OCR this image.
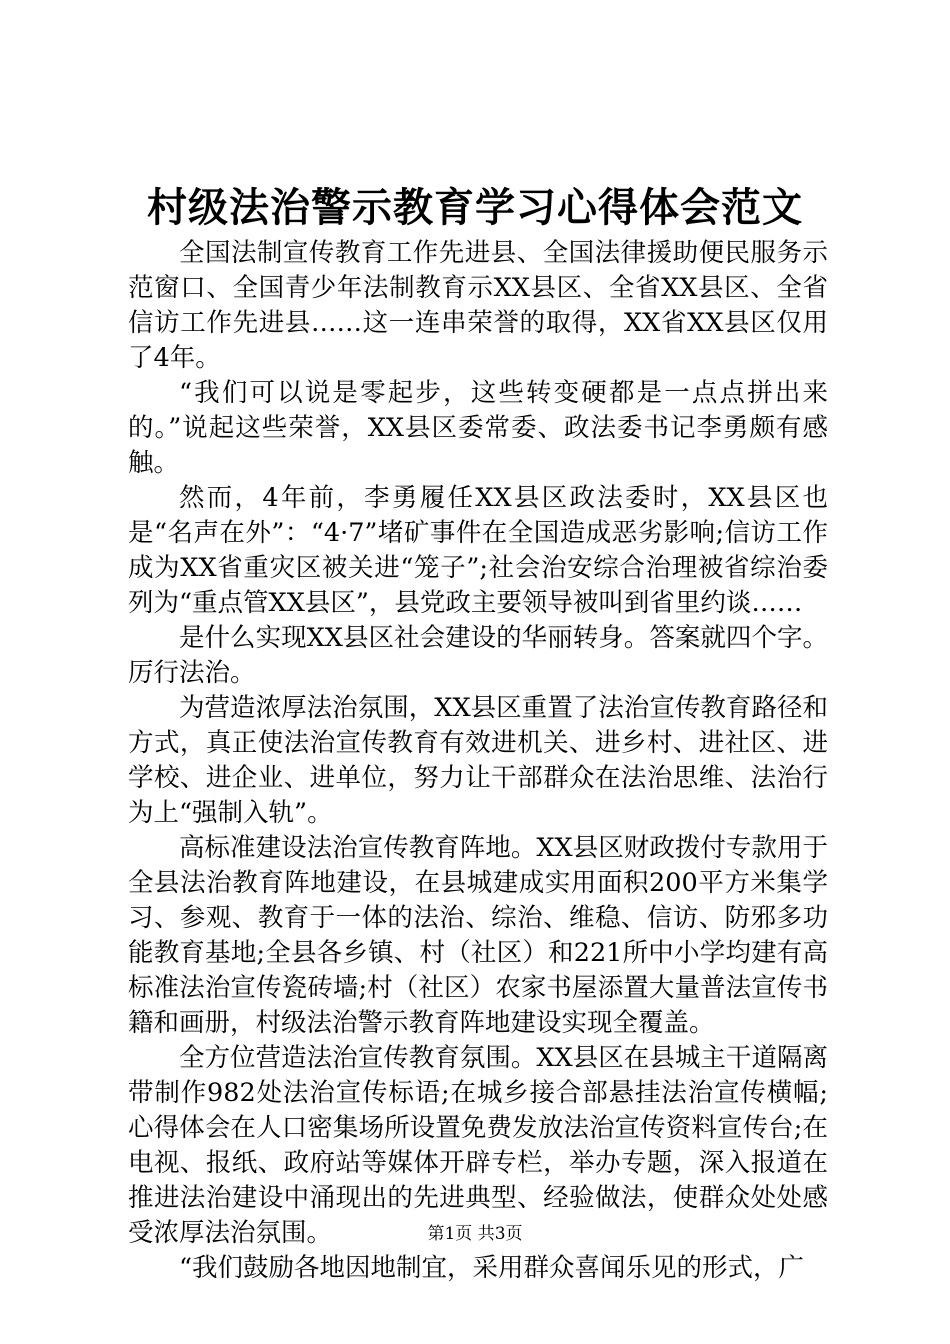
村级法治警示教育学习心得体会范文

全国法制宣传教育工作先进县、全国法律援助便民服务示范窗口、全国青少年法制教育示XX县区、全省XX县区、全省信访工作先进县……这一连串荣誉的取得，XX省XX县区仅用了4年。

“我们可以说是零起步，这些转变硬都是一点点拼出来的。”说起这些荣誉，XX县区委常委、政法委书记李勇颇有感触。

然而，4年前，李勇履任XX县区政法委时，XX县区也是“名声在外”：“4·7”堵矿事件在全国造成恶劣影响;信访工作成为XX省重灾区被关进“笼子”;社会治安综合治理被省综治委列为“重点管XX县区”，县党政主要领导被叫到省里约谈……

是什么实现XX县区社会建设的华丽转身。答案就四个字。厉行法治。

为营造浓厚法治氛围，XX县区重置了法治宣传教育路径和方式，真正使法治宣传教育有效进机关、进乡村、进社区、进学校、进企业、进单位，努力让干部群众在法治思维、法治行为上“强制入轨”。

高标准建设法治宣传教育阵地。XX县区财政拨付专款用于全县法治教育阵地建设，在县城建成实用面积200平方米集学习、参观、教育于一体的法治、综治、维稳、信访、防邪多功能教育基地;全县各乡镇、村（社区）和221所中小学均建有高标准法治宣传瓷砖墙;村（社区）农家书屋添置大量普法宣传书籍和画册，村级法治警示教育阵地建设实现全覆盖。

全方位营造法治宣传教育氛围。XX县区在县城主干道隔离带制作982处法治宣传标语;在城乡接合部悬挂法治宣传横幅;心得体会在人口密集场所设置免费发放法治宣传资料宣传台;在电视、报纸、政府站等媒体开辟专栏，举办专题，深入报道在推进法治建设中涌现出的先进典型、经验做法，使群众处处感受浓厚法治氛围。

“我们鼓励各地因地制宜，采用群众喜闻乐见的形式，广

第1页 共3页
